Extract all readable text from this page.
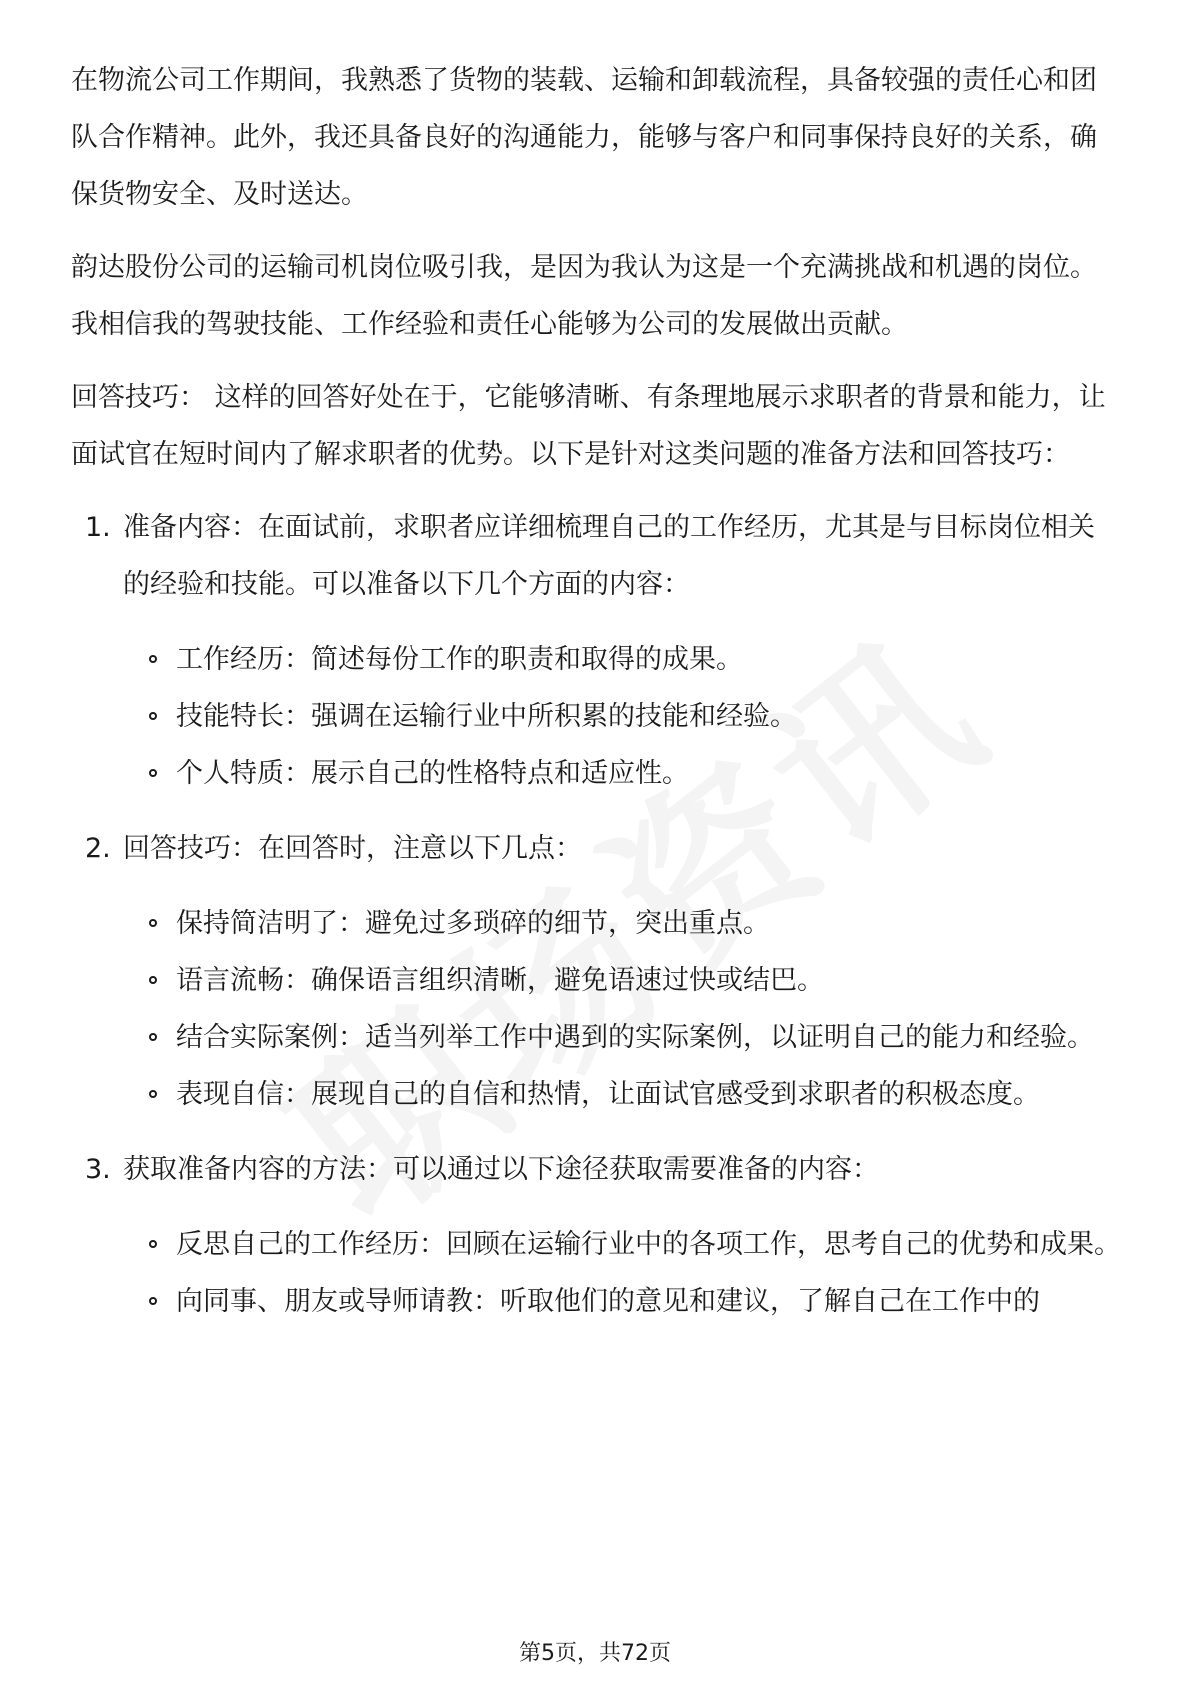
在物流公司工作期间，我熟悉了货物的装载、运输和卸载流程，具备较强的责任心和团队合作精神。此外，我还具备良好的沟通能力，能够与客户和同事保持良好的关系，确保货物安全、及时送达。

韵达股份公司的运输司机岗位吸引我，是因为我认为这是一个充满挑战和机遇的岗位。我相信我的驾驶技能、工作经验和责任心能够为公司的发展做出贡献。

回答技巧： 这样的回答好处在于，它能够清晰、有条理地展示求职者的背景和能力，让面试官在短时间内了解求职者的优势。以下是针对这类问题的准备方法和回答技巧：

1. 准备内容：在面试前，求职者应详细梳理自己的工作经历，尤其是与目标岗位相关的经验和技能。可以准备以下几个方面的内容：
工作经历：简述每份工作的职责和取得的成果。
技能特长：强调在运输行业中所积累的技能和经验。
个人特质：展示自己的性格特点和适应性。
2. 回答技巧：在回答时，注意以下几点：
保持简洁明了：避免过多琐碎的细节，突出重点。
语言流畅：确保语言组织清晰，避免语速过快或结巴。
结合实际案例：适当列举工作中遇到的实际案例，以证明自己的能力和经验。
表现自信：展现自己的自信和热情，让面试官感受到求职者的积极态度。
3. 获取准备内容的方法：可以通过以下途径获取需要准备的内容：
反思自己的工作经历：回顾在运输行业中的各项工作，思考自己的优势和成果。
向同事、朋友或导师请教：听取他们的意见和建议，了解自己在工作中的
第5页，共72页
